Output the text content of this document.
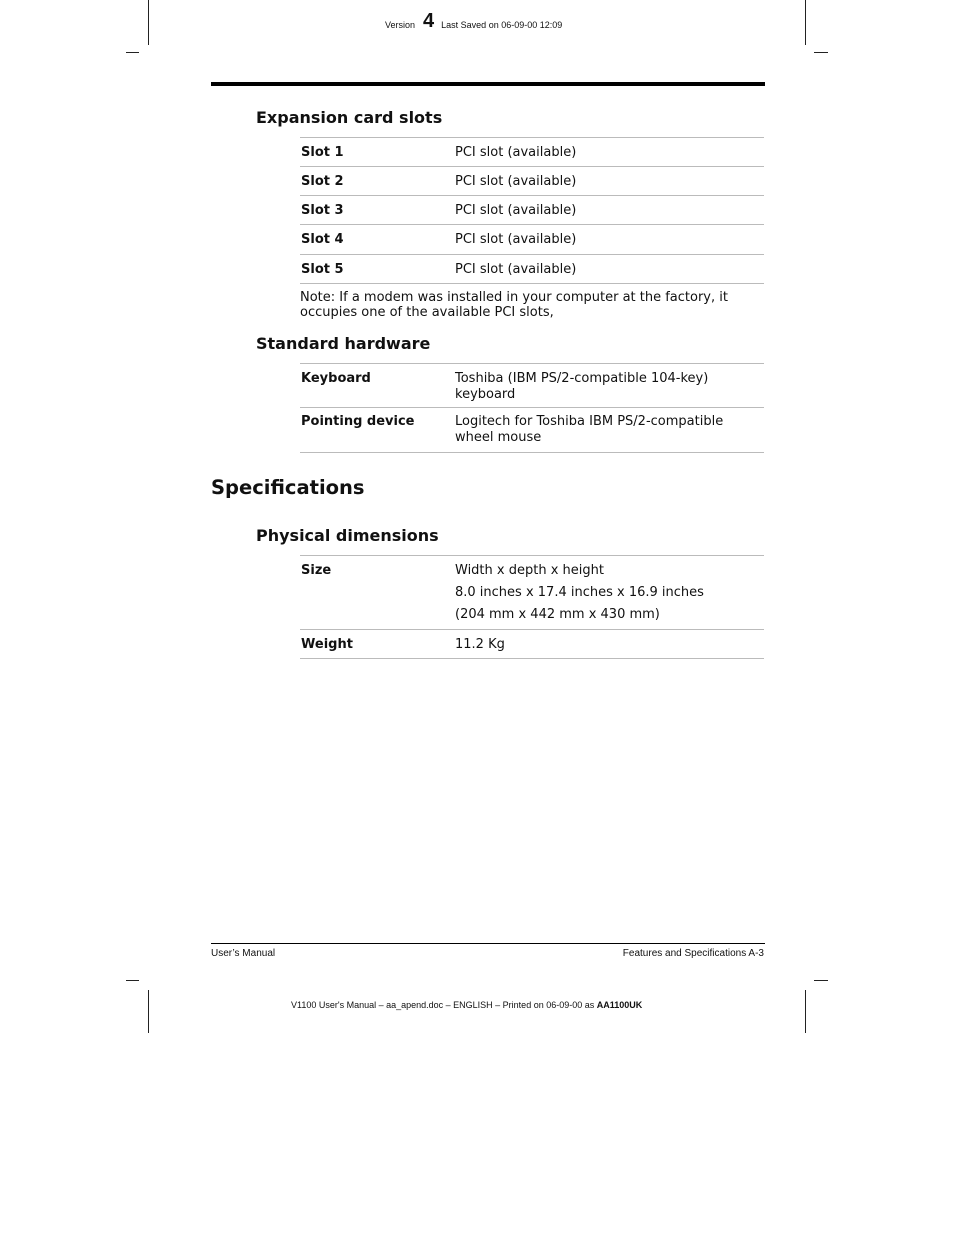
Version 4 Last Saved on 06-09-00 12:09
Expansion card slots
Slot 1	PCI slot (available)
Slot 2	PCI slot (available)
Slot 3	PCI slot (available)
Slot 4	PCI slot (available)
Slot 5	PCI slot (available)
Note: If a modem was installed in your computer at the factory, it occupies one of the available PCI slots,
Standard hardware
Keyboard	Toshiba (IBM PS/2-compatible 104-key) keyboard
Pointing device	Logitech for Toshiba IBM PS/2-compatible wheel mouse
Specifications
Physical dimensions
Size	Width x depth x height

8.0 inches x 17.4 inches x 16.9 inches

(204 mm x 442 mm x 430 mm)

Weight	11.2 Kg
User’s Manual	Features and Specifications A-3
V1100 User's Manual – aa_apend.doc – ENGLISH – Printed on 06-09-00 as AA1100UK
